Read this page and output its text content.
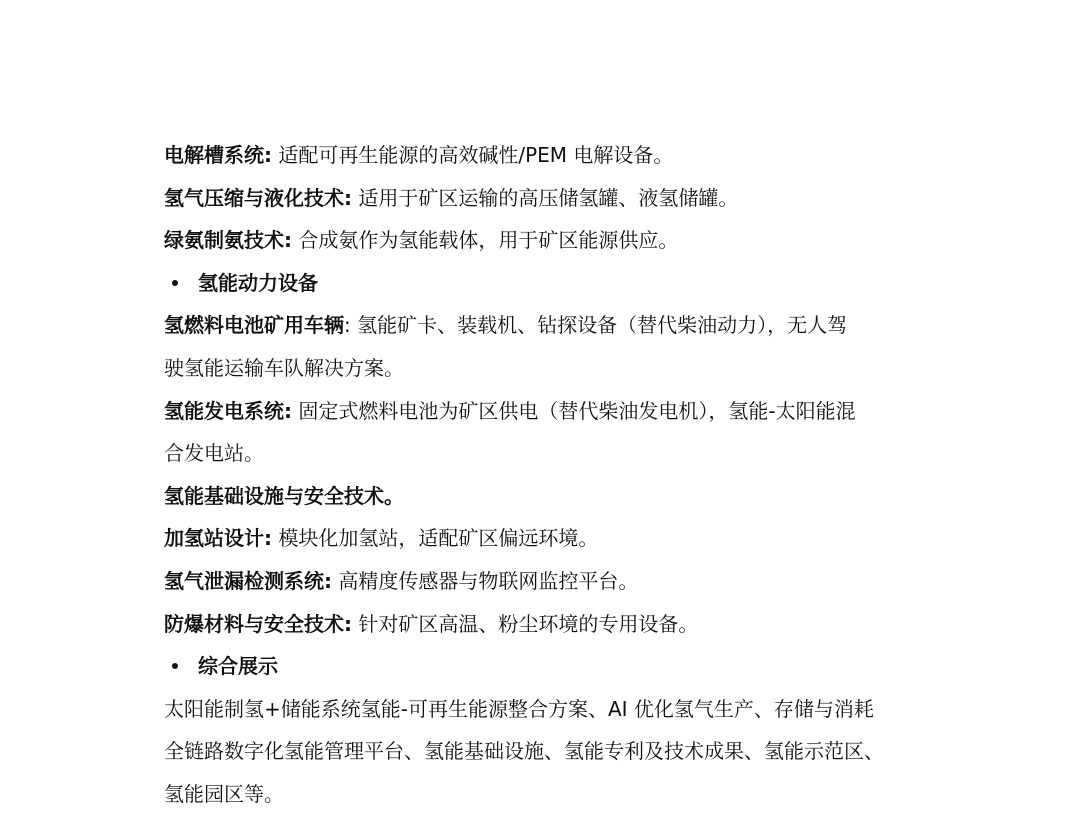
电解槽系统: 适配可再生能源的高效碱性/PEM 电解设备。

氢气压缩与液化技术: 适用于矿区运输的高压储氢罐、液氢储罐。

绿氨制氨技术: 合成氨作为氢能载体，用于矿区能源供应。

氢能动力设备

氢燃料电池矿用车辆: 氢能矿卡、装载机、钻探设备（替代柴油动力），无人驾

驶氢能运输车队解决方案。

氢能发电系统: 固定式燃料电池为矿区供电（替代柴油发电机），氢能-太阳能混

合发电站。

氢能基础设施与安全技术。

加氢站设计: 模块化加氢站，适配矿区偏远环境。

氢气泄漏检测系统: 高精度传感器与物联网监控平台。

防爆材料与安全技术: 针对矿区高温、粉尘环境的专用设备。

综合展示

太阳能制氢+储能系统氢能-可再生能源整合方案、AI 优化氢气生产、存储与消耗

全链路数字化氢能管理平台、氢能基础设施、氢能专利及技术成果、氢能示范区、

氢能园区等。
